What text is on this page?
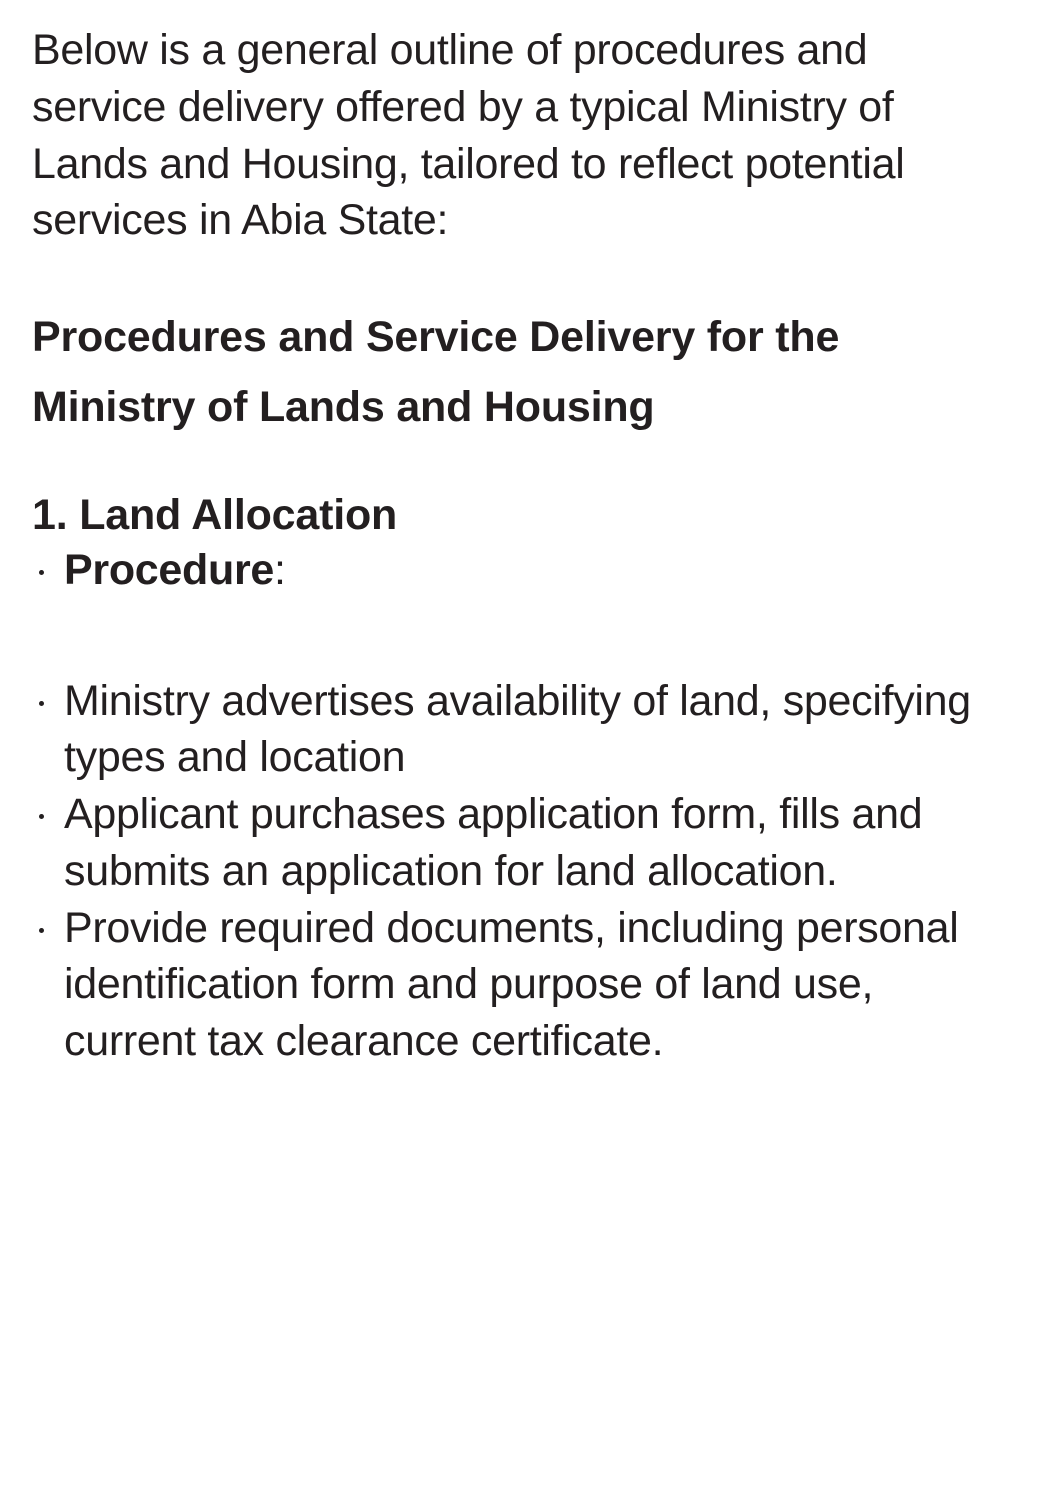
Below is a general outline of procedures and service delivery offered by a typical Ministry of Lands and Housing, tailored to reflect potential services in Abia State:

Procedures and Service Delivery for the Ministry of Lands and Housing
1. Land Allocation
Procedure:
Ministry advertises availability of land, specifying types and location
Applicant purchases application form, fills and submits an application for land allocation.
Provide required documents, including personal identification form and purpose of land use, current tax clearance certificate.
